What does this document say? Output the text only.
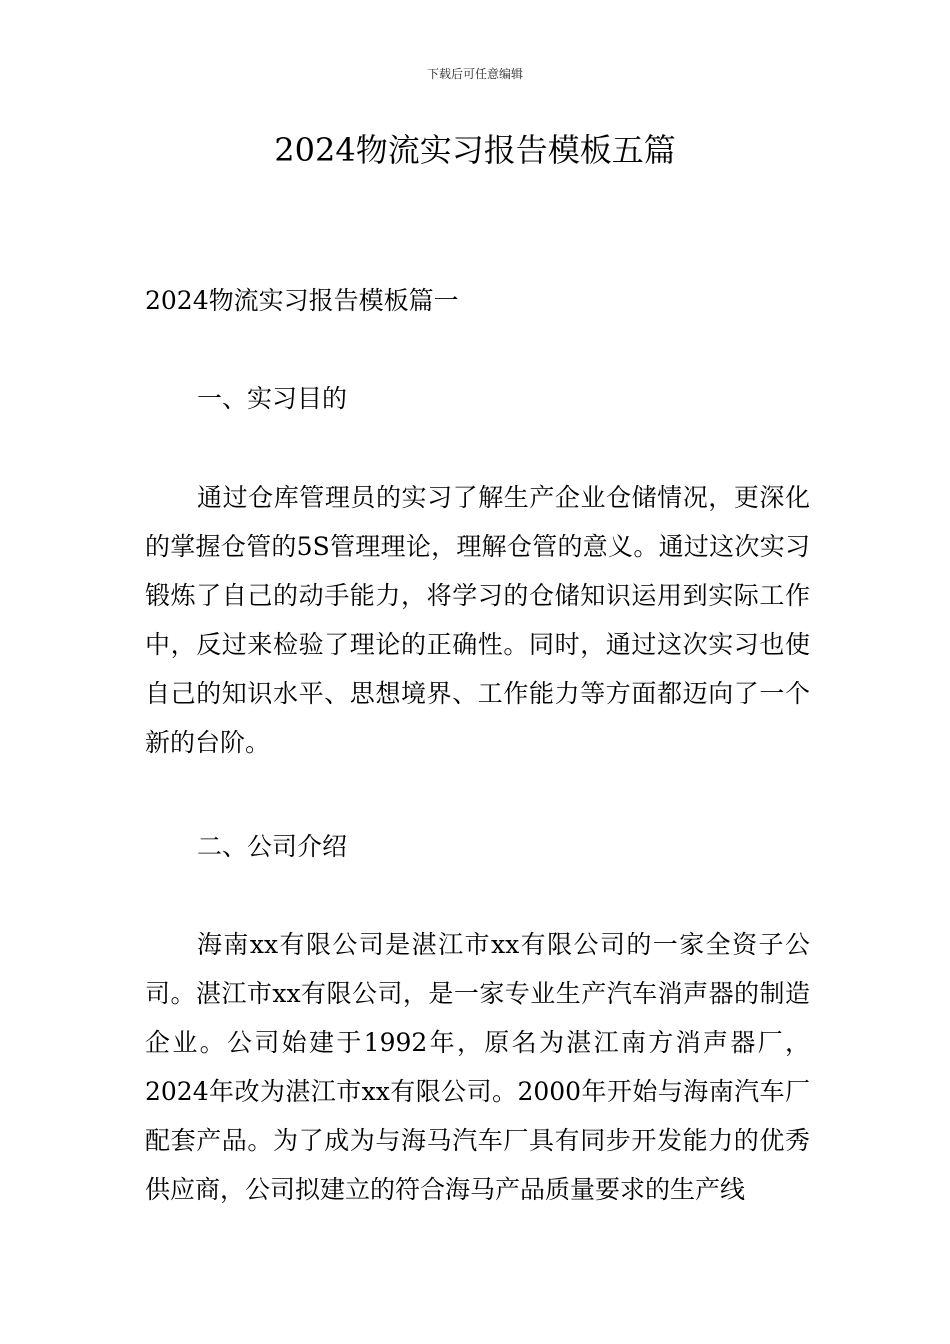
下载后可任意编辑
2024物流实习报告模板五篇

2024物流实习报告模板篇一

一、实习目的

通过仓库管理员的实习了解生产企业仓储情况，更深化的掌握仓管的5S管理理论，理解仓管的意义。通过这次实习锻炼了自己的动手能力，将学习的仓储知识运用到实际工作中，反过来检验了理论的正确性。同时，通过这次实习也使自己的知识水平、思想境界、工作能力等方面都迈向了一个新的台阶。

二、公司介绍

海南xx有限公司是湛江市xx有限公司的一家全资子公司。湛江市xx有限公司，是一家专业生产汽车消声器的制造企业。公司始建于1992年，原名为湛江南方消声器厂，2024年改为湛江市xx有限公司。2000年开始与海南汽车厂配套产品。为了成为与海马汽车厂具有同步开发能力的优秀供应商，公司拟建立的符合海马产品质量要求的生产线
